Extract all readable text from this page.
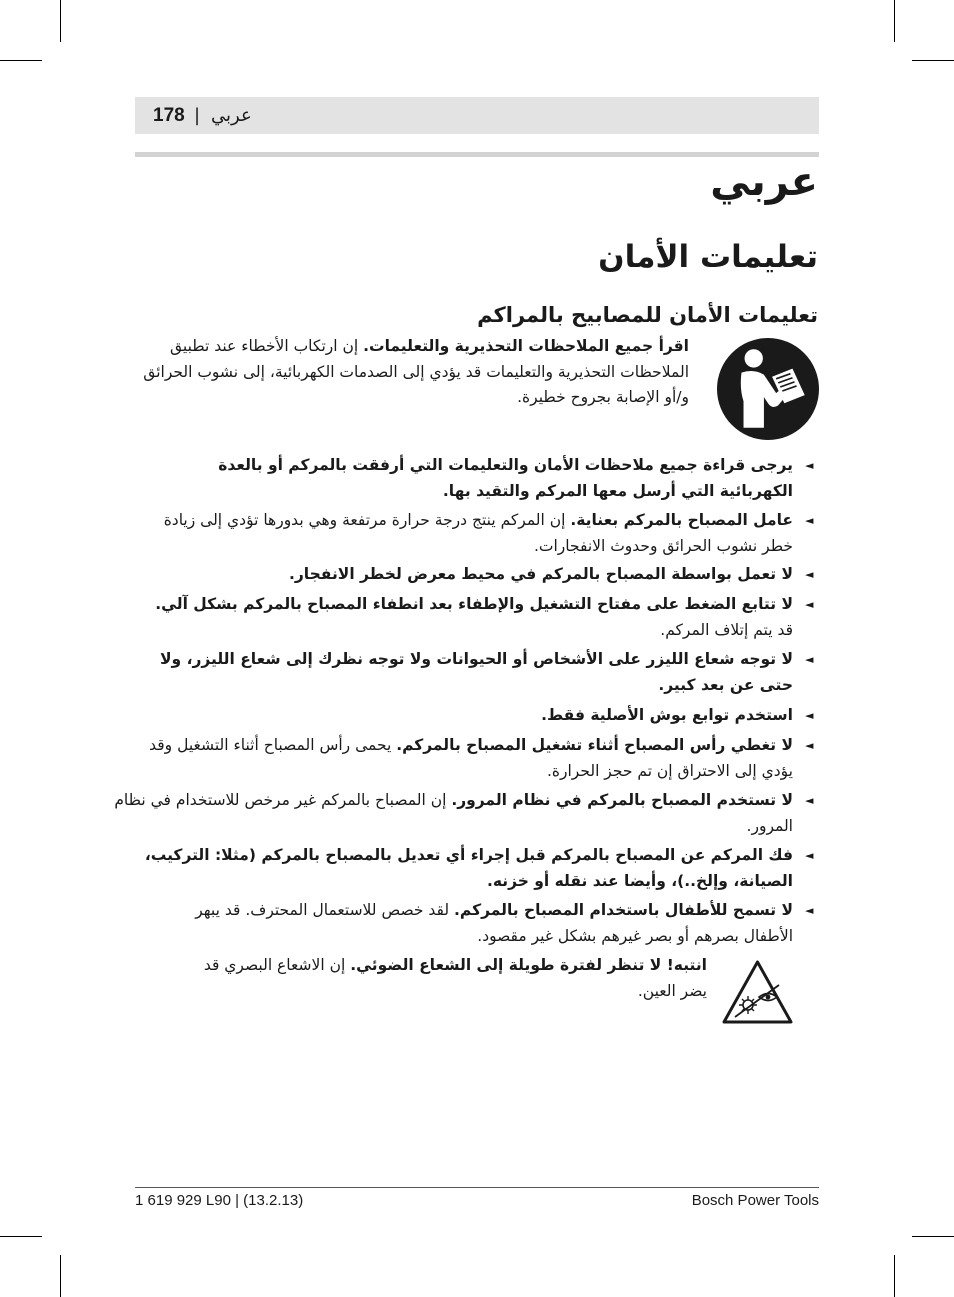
178 | عربي
عربي
تعليمات الأمان
تعليمات الأمان للمصابيح بالمراكم
اقرأ جميع الملاحظات التحذيرية والتعليمات. إن ارتكاب الأخطاء عند تطبيق الملاحظات التحذيرية والتعليمات قد يؤدي إلى الصدمات الكهربائية، إلى نشوب الحرائق و/أو الإصابة بجروح خطيرة.
◄
يرجى قراءة جميع ملاحظات الأمان والتعليمات التي أرفقت بالمركم أو بالعدة الكهربائية التي أرسل معها المركم والتقيد بها.
◄
عامل المصباح بالمركم بعناية. إن المركم ينتج درجة حرارة مرتفعة وهي بدورها تؤدي إلى زيادة خطر نشوب الحرائق وحدوث الانفجارات.
◄
لا تعمل بواسطة المصباح بالمركم في محيط معرض لخطر الانفجار.
◄
لا تتابع الضغط على مفتاح التشغيل والإطفاء بعد انطفاء المصباح بالمركم بشكل آلي. قد يتم إتلاف المركم.
◄
لا توجه شعاع الليزر على الأشخاص أو الحيوانات ولا توجه نظرك إلى شعاع الليزر، ولا حتى عن بعد كبير.
◄
استخدم توابع بوش الأصلية فقط.
◄
لا تغطي رأس المصباح أثناء تشغيل المصباح بالمركم. يحمى رأس المصباح أثناء التشغيل وقد يؤدي إلى الاحتراق إن تم حجز الحرارة.
◄
لا تستخدم المصباح بالمركم في نظام المرور. إن المصباح بالمركم غير مرخص للاستخدام في نظام المرور.
◄
فك المركم عن المصباح بالمركم قبل إجراء أي تعديل بالمصباح بالمركم (مثلا: التركيب، الصيانة، وإلخ..)، وأيضا عند نقله أو خزنه.
◄
لا تسمح للأطفال باستخدام المصباح بالمركم. لقد خصص للاستعمال المحترف. قد يبهر الأطفال بصرهم أو بصر غيرهم بشكل غير مقصود.
انتبه! لا تنظر لفترة طويلة إلى الشعاع الضوئي. إن الاشعاع البصري قد يضر العين.
1 619 929 L90 | (13.2.13)	Bosch Power Tools
